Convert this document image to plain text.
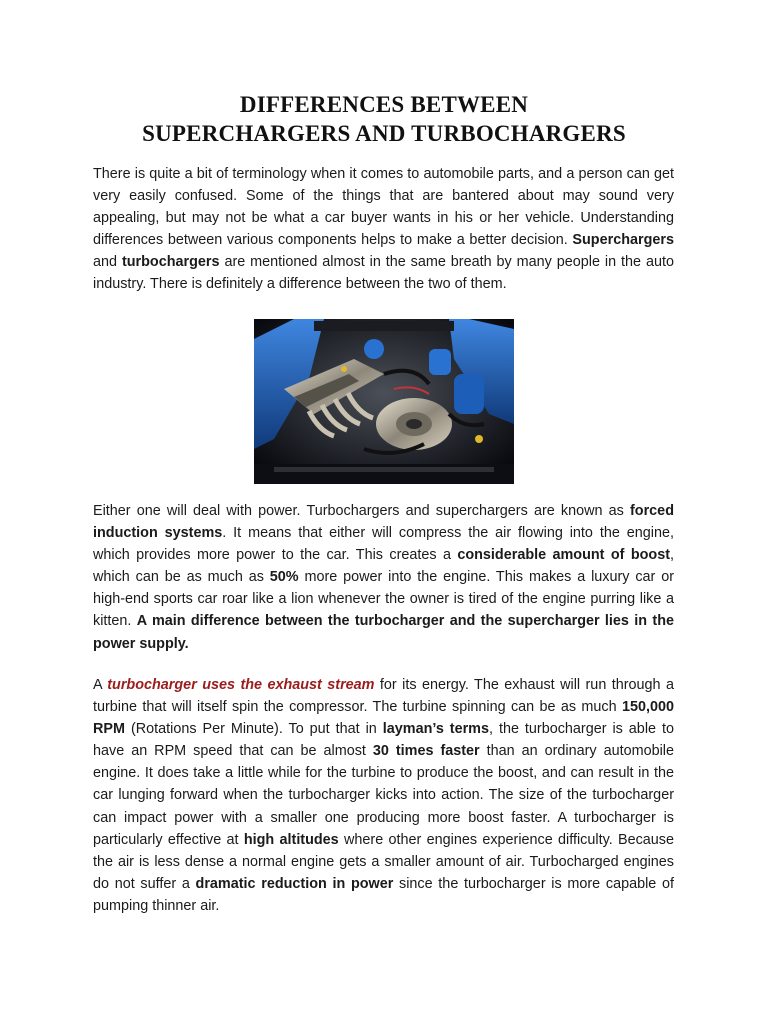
DIFFERENCES BETWEEN
SUPERCHARGERS AND TURBOCHARGERS

There is quite a bit of terminology when it comes to automobile parts, and a person can get very easily confused. Some of the things that are bantered about may sound very appealing, but may not be what a car buyer wants in his or her vehicle. Understanding differences between various components helps to make a better decision. Superchargers and turbochargers are mentioned almost in the same breath by many people in the auto industry. There is definitely a difference between the two of them.

Either one will deal with power. Turbochargers and superchargers are known as forced induction systems. It means that either will compress the air flowing into the engine, which provides more power to the car. This creates a considerable amount of boost, which can be as much as 50% more power into the engine. This makes a luxury car or high-end sports car roar like a lion whenever the owner is tired of the engine purring like a kitten. A main difference between the turbocharger and the supercharger lies in the power supply.

A turbocharger uses the exhaust stream for its energy. The exhaust will run through a turbine that will itself spin the compressor. The turbine spinning can be as much 150,000 RPM (Rotations Per Minute). To put that in layman’s terms, the turbocharger is able to have an RPM speed that can be almost 30 times faster than an ordinary automobile engine. It does take a little while for the turbine to produce the boost, and can result in the car lunging forward when the turbocharger kicks into action. The size of the turbocharger can impact power with a smaller one producing more boost faster. A turbocharger is particularly effective at high altitudes where other engines experience difficulty. Because the air is less dense a normal engine gets a smaller amount of air. Turbocharged engines do not suffer a dramatic reduction in power since the turbocharger is more capable of pumping thinner air.
